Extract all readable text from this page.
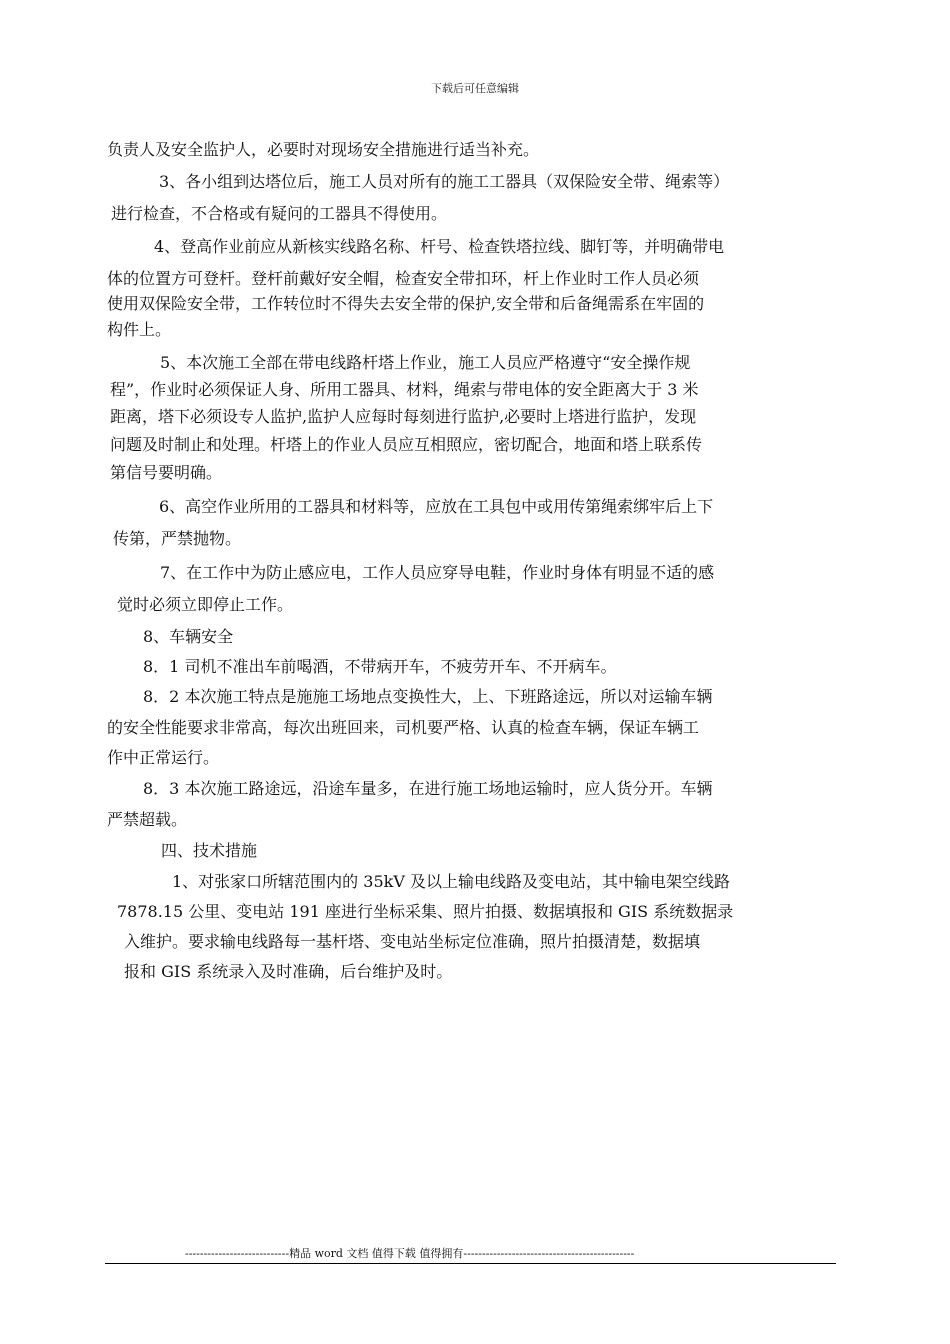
下载后可任意编辑
负责人及安全监护人，必要时对现场安全措施进行适当补充。
3、各小组到达塔位后，施工人员对所有的施工工器具（双保险安全带、绳索等）
进行检查，不合格或有疑问的工器具不得使用。
4、登高作业前应从新核实线路名称、杆号、检查铁塔拉线、脚钉等，并明确带电
体的位置方可登杆。登杆前戴好安全帽，检查安全带扣环，杆上作业时工作人员必须
使用双保险安全带，工作转位时不得失去安全带的保护,安全带和后备绳需系在牢固的
构件上。
5、本次施工全部在带电线路杆塔上作业，施工人员应严格遵守“安全操作规
程”，作业时必须保证人身、所用工器具、材料，绳索与带电体的安全距离大于 3 米
距离，塔下必须设专人监护,监护人应每时每刻进行监护,必要时上塔进行监护，发现
问题及时制止和处理。杆塔上的作业人员应互相照应，密切配合，地面和塔上联系传
第信号要明确。
6、高空作业所用的工器具和材料等，应放在工具包中或用传第绳索绑牢后上下
传第，严禁抛物。
7、在工作中为防止感应电，工作人员应穿导电鞋，作业时身体有明显不适的感
觉时必须立即停止工作。
8、车辆安全
8．1 司机不准出车前喝酒，不带病开车，不疲劳开车、不开病车。
8．2 本次施工特点是施施工场地点变换性大，上、下班路途远，所以对运输车辆
的安全性能要求非常高，每次出班回来，司机要严格、认真的检查车辆，保证车辆工
作中正常运行。
8．3 本次施工路途远，沿途车量多，在进行施工场地运输时，应人货分开。车辆
严禁超载。
四、技术措施
1、对张家口所辖范围内的 35kV 及以上输电线路及变电站，其中输电架空线路
7878.15 公里、变电站 191 座进行坐标采集、照片拍摄、数据填报和 GIS 系统数据录
入维护。要求输电线路每一基杆塔、变电站坐标定位准确，照片拍摄清楚，数据填
报和 GIS 系统录入及时准确，后台维护及时。
----------------------------精品 word 文档 值得下载 值得拥有----------------------------------------------
